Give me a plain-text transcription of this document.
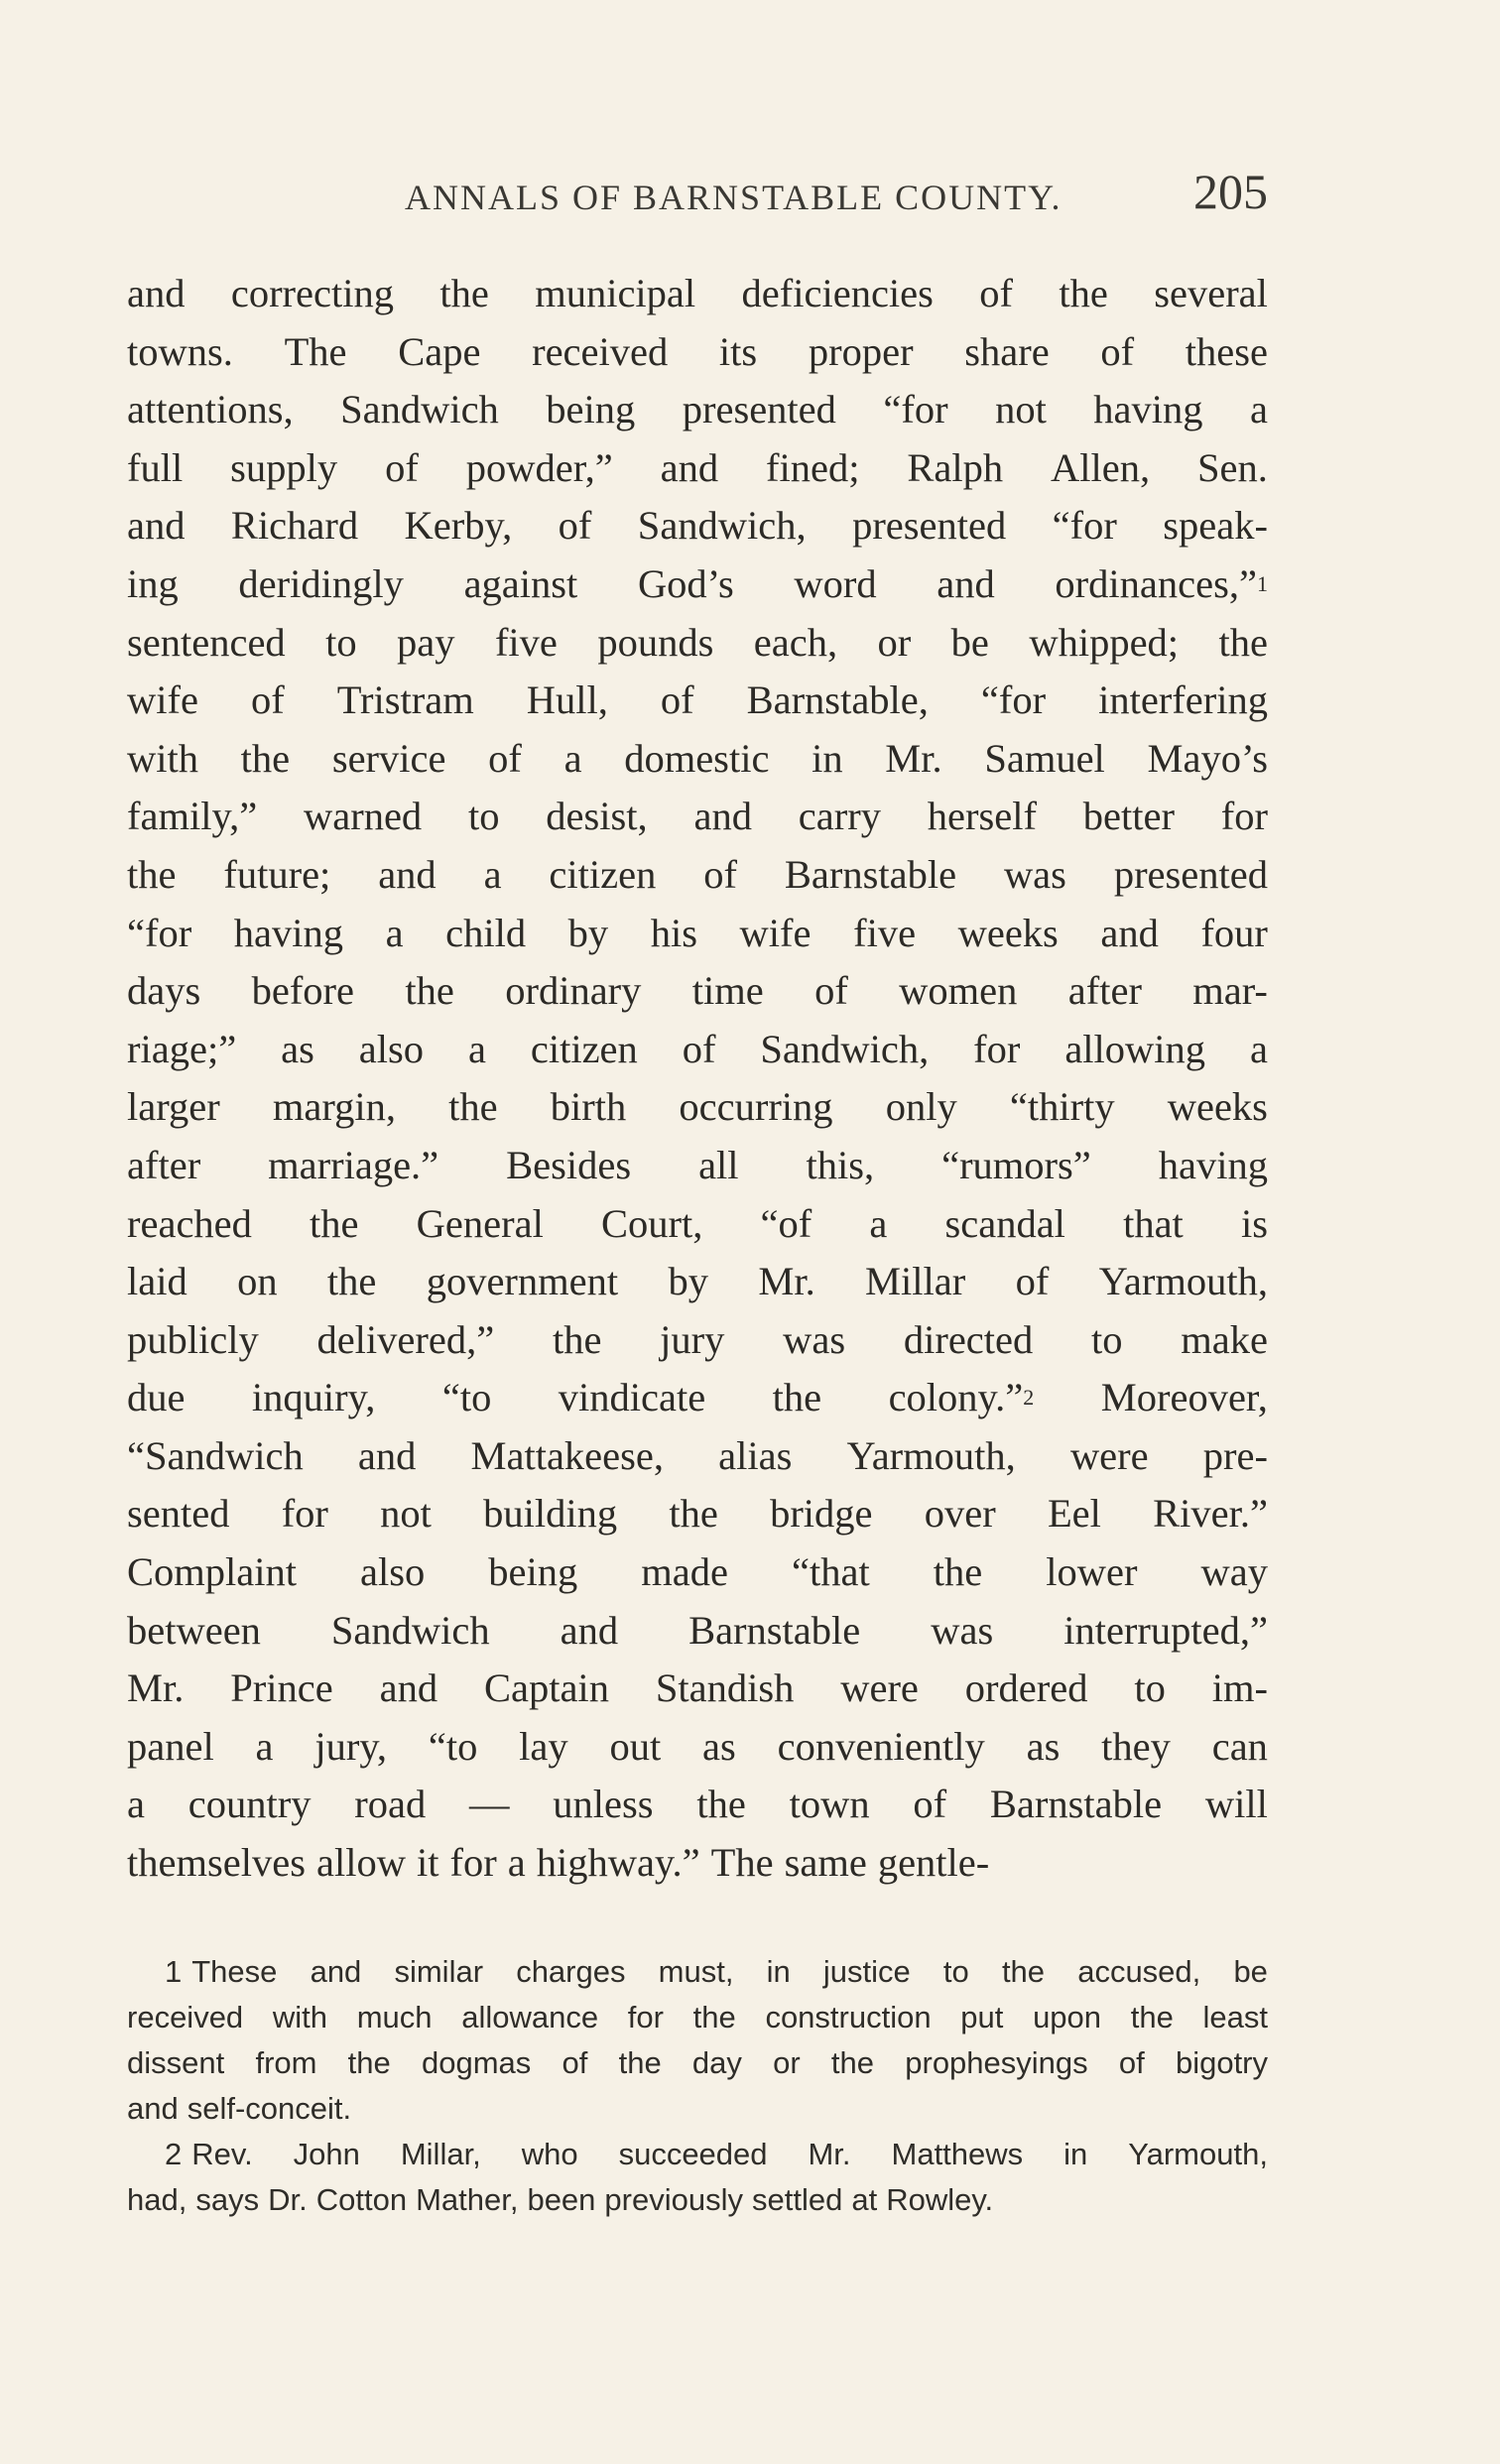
ANNALS OF BARNSTABLE COUNTY.	205
and correcting the municipal deficiencies of the several
towns. The Cape received its proper share of these
attentions, Sandwich being presented “for not having a
full supply of powder,” and fined; Ralph Allen, Sen.
and Richard Kerby, of Sandwich, presented “for speak-
ing deridingly against God’s word and ordinances,”$^1$
sentenced to pay five pounds each, or be whipped; the
wife of Tristram Hull, of Barnstable, “for interfering
with the service of a domestic in Mr. Samuel Mayo’s
family,” warned to desist, and carry herself better for
the future; and a citizen of Barnstable was presented
“for having a child by his wife five weeks and four
days before the ordinary time of women after mar-
riage;” as also a citizen of Sandwich, for allowing a
larger margin, the birth occurring only “thirty weeks
after marriage.” Besides all this, “rumors” having
reached the General Court, “of a scandal that is
laid on the government by Mr. Millar of Yarmouth,
publicly delivered,” the jury was directed to make
due inquiry, “to vindicate the colony.”$^2$ Moreover,
“Sandwich and Mattakeese, alias Yarmouth, were pre-
sented for not building the bridge over Eel River.”
Complaint also being made “that the lower way
between Sandwich and Barnstable was interrupted,”
Mr. Prince and Captain Standish were ordered to im-
panel a jury, “to lay out as conveniently as they can
a country road — unless the town of Barnstable will
themselves allow it for a highway.” The same gentle-
1 These and similar charges must, in justice to the accused, be
received with much allowance for the construction put upon the least
dissent from the dogmas of the day or the prophesyings of bigotry
and self-conceit.
2 Rev. John Millar, who succeeded Mr. Matthews in Yarmouth,
had, says Dr. Cotton Mather, been previously settled at Rowley.
